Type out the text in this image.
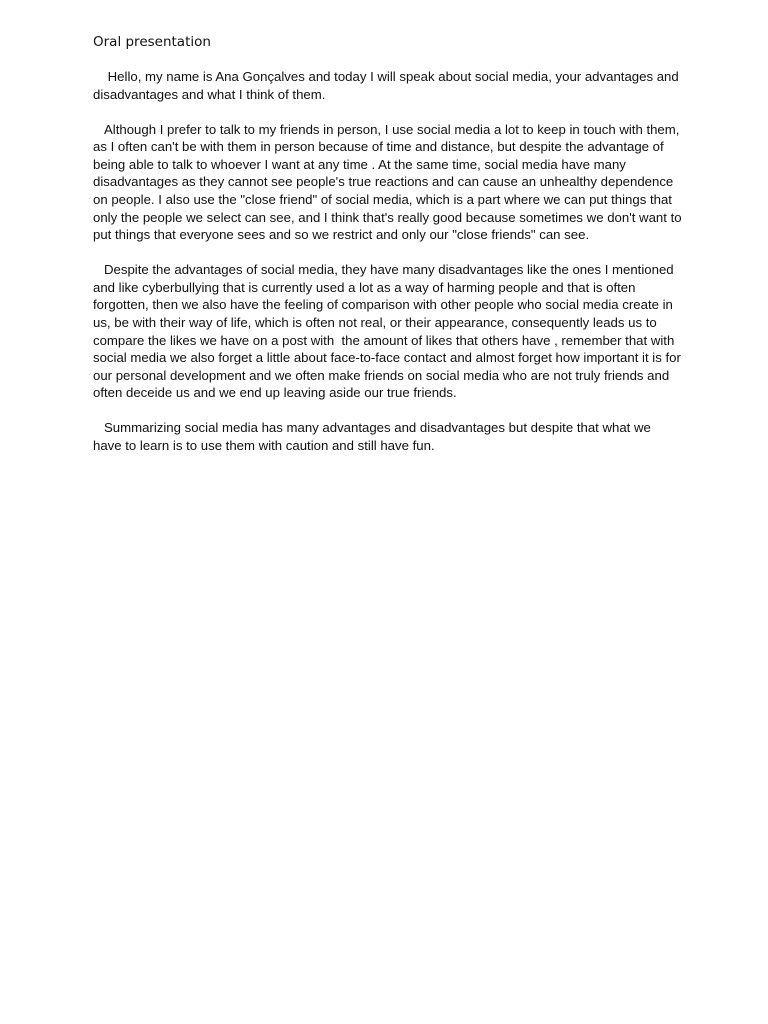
Oral presentation

Hello, my name is Ana Gonçalves and today I will speak about social media, your advantages and disadvantages and what I think of them.

Although I prefer to talk to my friends in person, I use social media a lot to keep in touch with them, as I often can't be with them in person because of time and distance, but despite the advantage of being able to talk to whoever I want at any time . At the same time, social media have many disadvantages as they cannot see people's true reactions and can cause an unhealthy dependence on people. I also use the "close friend" of social media, which is a part where we can put things that only the people we select can see, and I think that's really good because sometimes we don't want to put things that everyone sees and so we restrict and only our "close friends" can see.

Despite the advantages of social media, they have many disadvantages like the ones I mentioned and like cyberbullying that is currently used a lot as a way of harming people and that is often forgotten, then we also have the feeling of comparison with other people who social media create in us, be with their way of life, which is often not real, or their appearance, consequently leads us to compare the likes we have on a post with  the amount of likes that others have , remember that with social media we also forget a little about face-to-face contact and almost forget how important it is for our personal development and we often make friends on social media who are not truly friends and often deceide us and we end up leaving aside our true friends.

Summarizing social media has many advantages and disadvantages but despite that what we have to learn is to use them with caution and still have fun.
